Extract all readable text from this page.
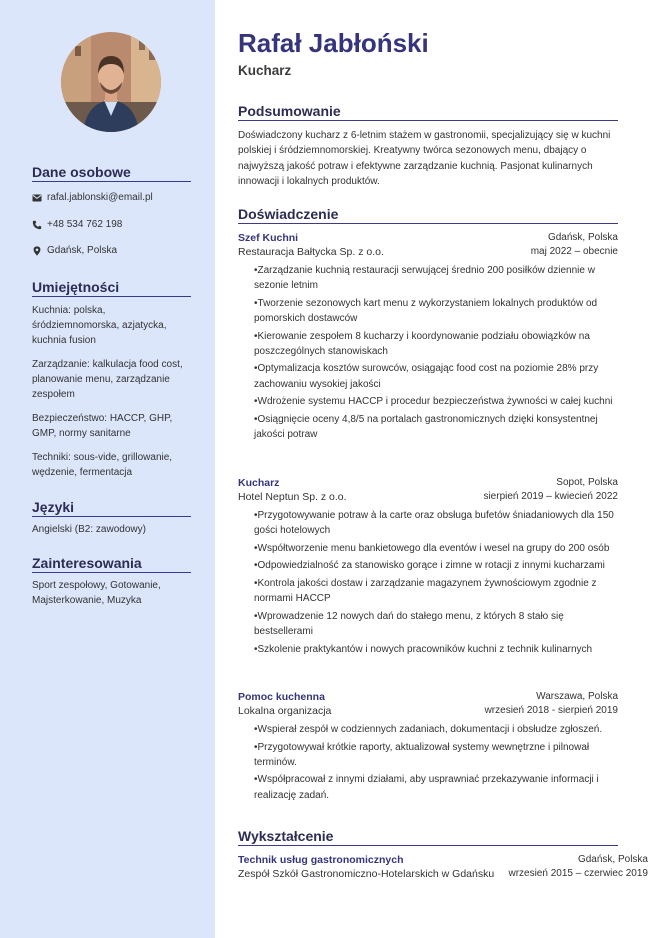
Dane osobowe
rafal.jablonski@email.pl
+48 534 762 198
Gdańsk, Polska
Umiejętności
Kuchnia: polska, śródziemnomorska, azjatycka, kuchnia fusion
Zarządzanie: kalkulacja food cost, planowanie menu, zarządzanie zespołem
Bezpieczeństwo: HACCP, GHP, GMP, normy sanitarne
Techniki: sous-vide, grillowanie, wędzenie, fermentacja
Języki
Angielski (B2: zawodowy)
Zainteresowania
Sport zespołowy, Gotowanie, Majsterkowanie, Muzyka
Rafał Jabłoński
Kucharz
Podsumowanie
Doświadczony kucharz z 6-letnim stażem w gastronomii, specjalizujący się w kuchni polskiej i śródziemnomorskiej. Kreatywny twórca sezonowych menu, dbający o najwyższą jakość potraw i efektywne zarządzanie kuchnią. Pasjonat kulinarnych innowacji i lokalnych produktów.
Doświadczenie
Szef Kuchni	Gdańsk, Polska
Restauracja Bałtycka Sp. z o.o.	maj 2022 – obecnie
• Zarządzanie kuchnią restauracji serwującej średnio 200 posiłków dziennie w sezonie letnim
• Tworzenie sezonowych kart menu z wykorzystaniem lokalnych produktów od pomorskich dostawców
• Kierowanie zespołem 8 kucharzy i koordynowanie podziału obowiązków na poszczególnych stanowiskach
• Optymalizacja kosztów surowców, osiągając food cost na poziomie 28% przy zachowaniu wysokiej jakości
• Wdrożenie systemu HACCP i procedur bezpieczeństwa żywności w całej kuchni
• Osiągnięcie oceny 4,8/5 na portalach gastronomicznych dzięki konsystentnej jakości potraw
Kucharz	Sopot, Polska
Hotel Neptun Sp. z o.o.	sierpień 2019 – kwiecień 2022
• Przygotowywanie potraw à la carte oraz obsługa bufetów śniadaniowych dla 150 gości hotelowych
• Współtworzenie menu bankietowego dla eventów i wesel na grupy do 200 osób
• Odpowiedzialność za stanowisko gorące i zimne w rotacji z innymi kucharzami
• Kontrola jakości dostaw i zarządzanie magazynem żywnościowym zgodnie z normami HACCP
• Wprowadzenie 12 nowych dań do stałego menu, z których 8 stało się bestsellerami
• Szkolenie praktykantów i nowych pracowników kuchni z technik kulinarnych
Pomoc kuchenna	Warszawa, Polska
Lokalna organizacja	wrzesień 2018 - sierpień 2019
• Wspierał zespół w codziennych zadaniach, dokumentacji i obsłudze zgłoszeń.
• Przygotowywał krótkie raporty, aktualizował systemy wewnętrzne i pilnował terminów.
• Współpracował z innymi działami, aby usprawniać przekazywanie informacji i realizację zadań.
Wykształcenie
Technik usług gastronomicznych	Gdańsk, Polska
Zespół Szkół Gastronomiczno-Hotelarskich w Gdańsku wrzesień 2015 – czerwiec 2019
